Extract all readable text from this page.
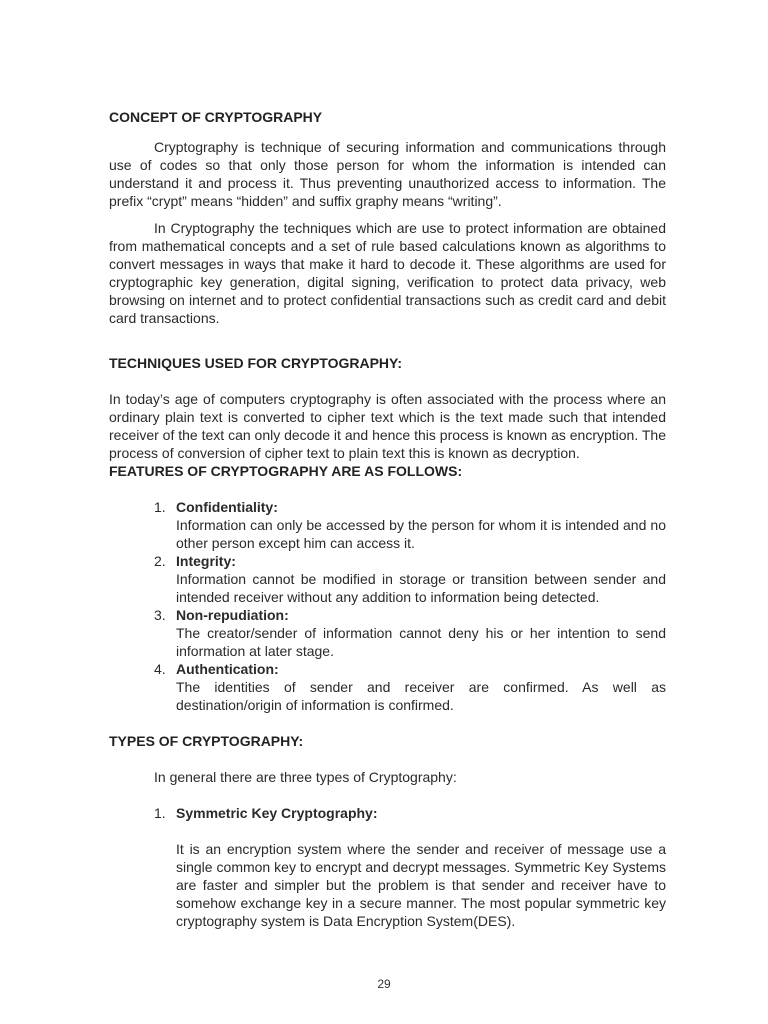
CONCEPT OF CRYPTOGRAPHY

Cryptography is technique of securing information and communications through use of codes so that only those person for whom the information is intended can understand it and process it. Thus preventing unauthorized access to information. The prefix “crypt” means “hidden” and suffix graphy means “writing”.

In Cryptography the techniques which are use to protect information are obtained from mathematical concepts and a set of rule based calculations known as algorithms to convert messages in ways that make it hard to decode it. These algorithms are used for cryptographic key generation, digital signing, verification to protect data privacy, web browsing on internet and to protect confidential transactions such as credit card and debit card transactions.

TECHNIQUES USED FOR CRYPTOGRAPHY:

In today’s age of computers cryptography is often associated with the process where an ordinary plain text is converted to cipher text which is the text made such that intended receiver of the text can only decode it and hence this process is known as encryption. The process of conversion of cipher text to plain text this is known as decryption.

FEATURES OF CRYPTOGRAPHY ARE AS FOLLOWS:
1. Confidentiality:

Information can only be accessed by the person for whom it is intended and no other person except him can access it.

2. Integrity:

Information cannot be modified in storage or transition between sender and intended receiver without any addition to information being detected.

3. Non-repudiation:

The creator/sender of information cannot deny his or her intention to send information at later stage.

4. Authentication:

The identities of sender and receiver are confirmed. As well as destination/origin of information is confirmed.

TYPES OF CRYPTOGRAPHY:

In general there are three types of Cryptography:

1. Symmetric Key Cryptography:

It is an encryption system where the sender and receiver of message use a single common key to encrypt and decrypt messages. Symmetric Key Systems are faster and simpler but the problem is that sender and receiver have to somehow exchange key in a secure manner. The most popular symmetric key cryptography system is Data Encryption System(DES).

29
